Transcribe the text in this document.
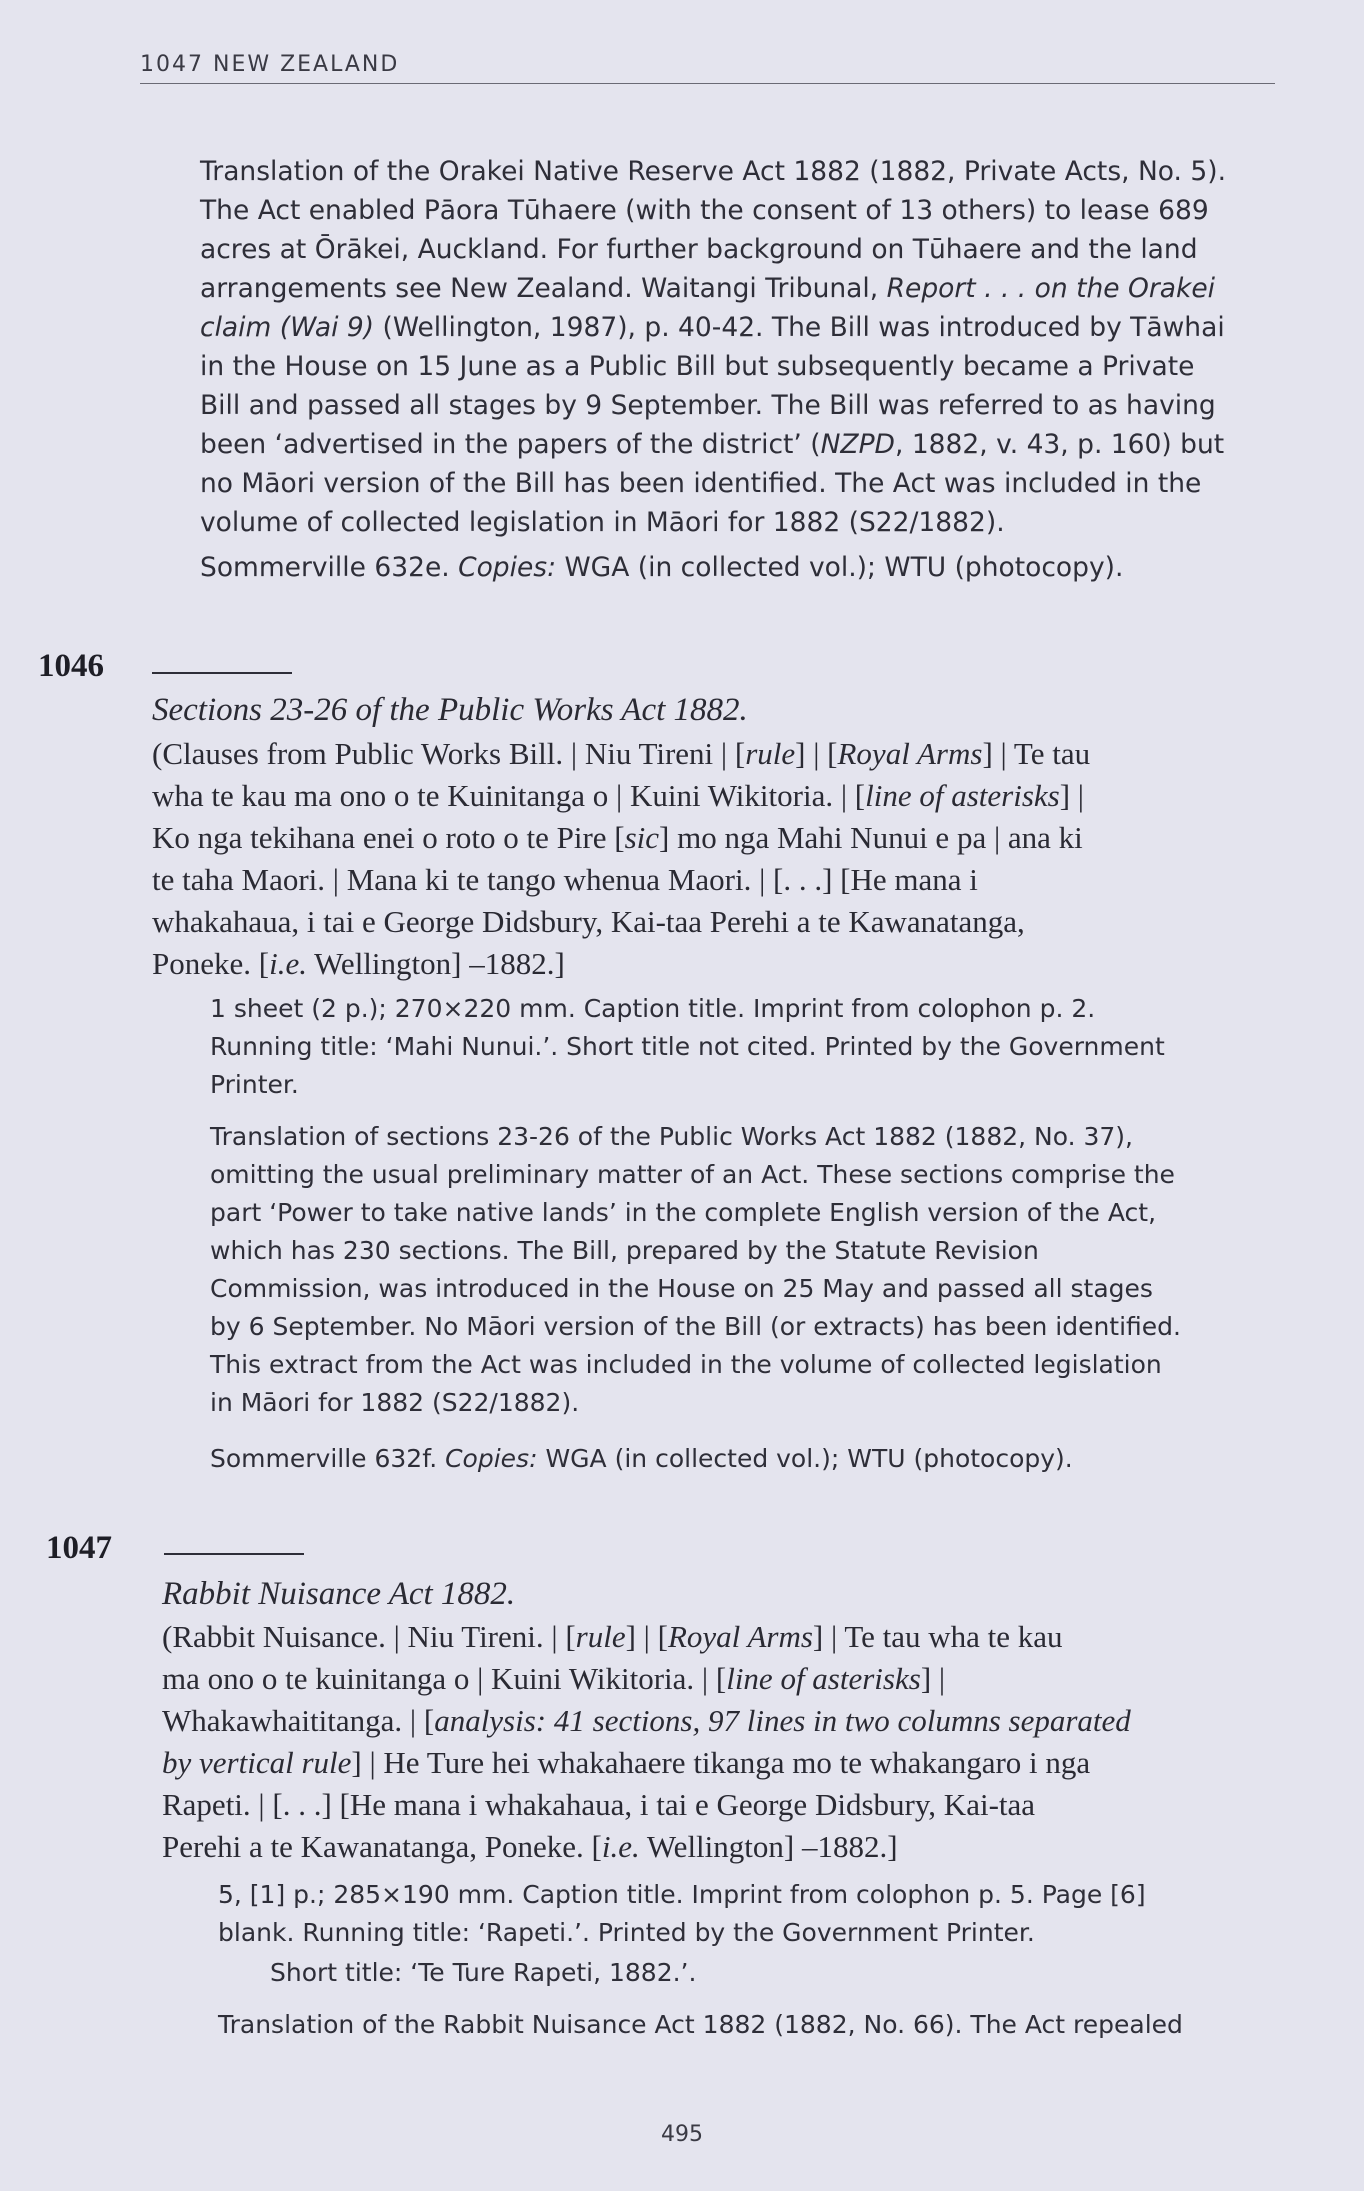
1047 NEW ZEALAND
Translation of the Orakei Native Reserve Act 1882 (1882, Private Acts, No. 5).
The Act enabled Pāora Tūhaere (with the consent of 13 others) to lease 689
acres at Ōrākei, Auckland. For further background on Tūhaere and the land
arrangements see New Zealand. Waitangi Tribunal, Report . . . on the Orakei
claim (Wai 9) (Wellington, 1987), p. 40-42. The Bill was introduced by Tāwhai
in the House on 15 June as a Public Bill but subsequently became a Private
Bill and passed all stages by 9 September. The Bill was referred to as having
been ‘advertised in the papers of the district’ (NZPD, 1882, v. 43, p. 160) but
no Māori version of the Bill has been identified. The Act was included in the
volume of collected legislation in Māori for 1882 (S22/1882).
Sommerville 632e. Copies: WGA (in collected vol.); WTU (photocopy).
1046
Sections 23-26 of the Public Works Act 1882.
(Clauses from Public Works Bill. | Niu Tireni | [rule] | [Royal Arms] | Te tau
wha te kau ma ono o te Kuinitanga o | Kuini Wikitoria. | [line of asterisks] |
Ko nga tekihana enei o roto o te Pire [sic] mo nga Mahi Nunui e pa | ana ki
te taha Maori. | Mana ki te tango whenua Maori. | [. . .] [He mana i
whakahaua, i tai e George Didsbury, Kai-taa Perehi a te Kawanatanga,
Poneke. [i.e. Wellington] –1882.]
1 sheet (2 p.); 270×220 mm. Caption title. Imprint from colophon p. 2.
Running title: ‘Mahi Nunui.’. Short title not cited. Printed by the Government
Printer.
Translation of sections 23-26 of the Public Works Act 1882 (1882, No. 37),
omitting the usual preliminary matter of an Act. These sections comprise the
part ‘Power to take native lands’ in the complete English version of the Act,
which has 230 sections. The Bill, prepared by the Statute Revision
Commission, was introduced in the House on 25 May and passed all stages
by 6 September. No Māori version of the Bill (or extracts) has been identified.
This extract from the Act was included in the volume of collected legislation
in Māori for 1882 (S22/1882).
Sommerville 632f. Copies: WGA (in collected vol.); WTU (photocopy).
1047
Rabbit Nuisance Act 1882.
(Rabbit Nuisance. | Niu Tireni. | [rule] | [Royal Arms] | Te tau wha te kau
ma ono o te kuinitanga o | Kuini Wikitoria. | [line of asterisks] |
Whakawhaititanga. | [analysis: 41 sections, 97 lines in two columns separated
by vertical rule] | He Ture hei whakahaere tikanga mo te whakangaro i nga
Rapeti. | [. . .] [He mana i whakahaua, i tai e George Didsbury, Kai-taa
Perehi a te Kawanatanga, Poneke. [i.e. Wellington] –1882.]
5, [1] p.; 285×190 mm. Caption title. Imprint from colophon p. 5. Page [6]
blank. Running title: ‘Rapeti.’. Printed by the Government Printer.
Short title: ‘Te Ture Rapeti, 1882.’.
Translation of the Rabbit Nuisance Act 1882 (1882, No. 66). The Act repealed
495
